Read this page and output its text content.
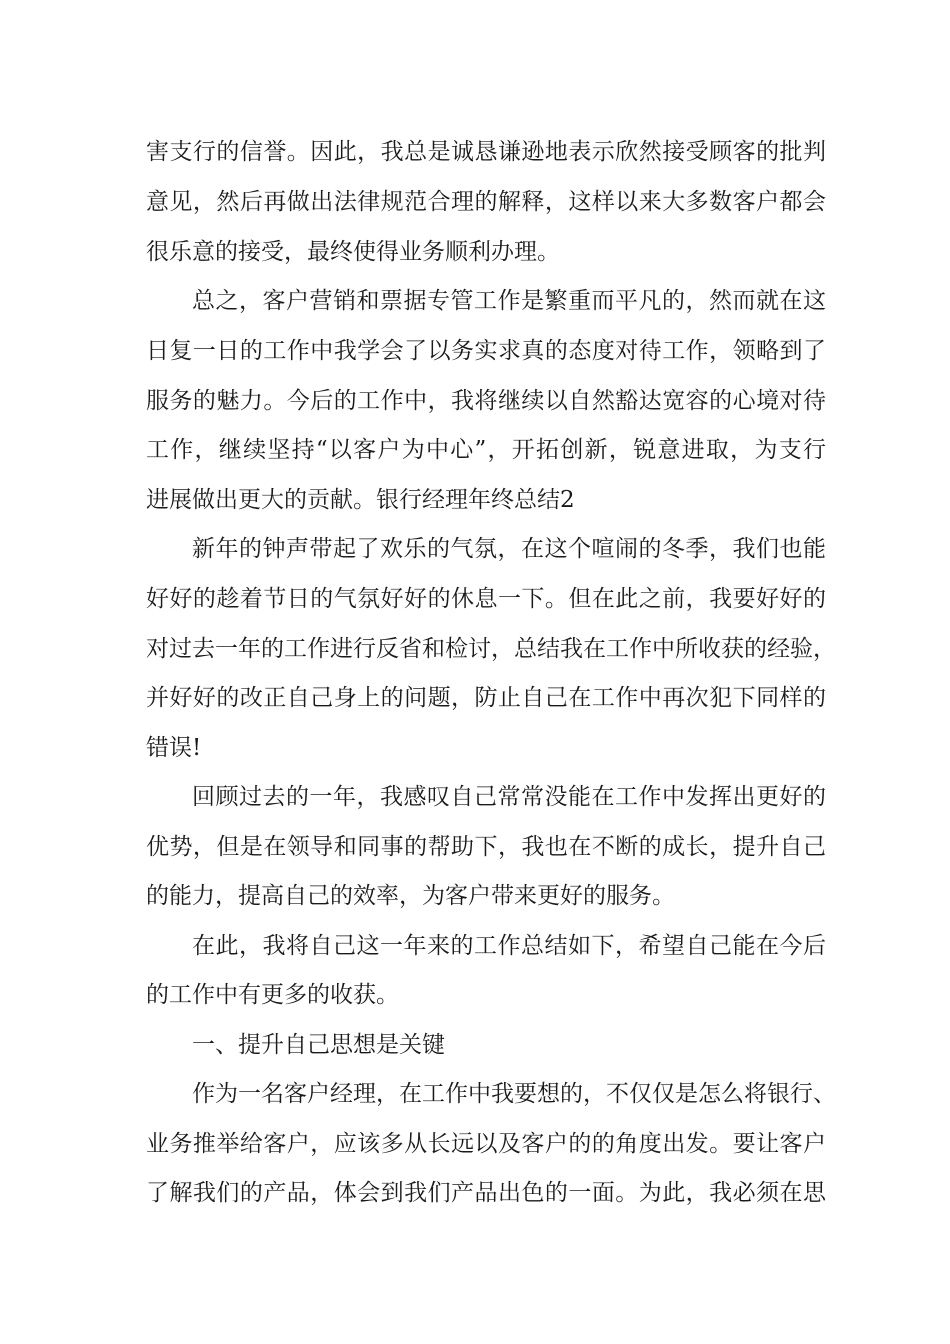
害支行的信誉。因此，我总是诚恳谦逊地表示欣然接受顾客的批判
意见，然后再做出法律规范合理的解释，这样以来大多数客户都会
很乐意的接受，最终使得业务顺利办理。
总之，客户营销和票据专管工作是繁重而平凡的，然而就在这
日复一日的工作中我学会了以务实求真的态度对待工作，领略到了
服务的魅力。今后的工作中，我将继续以自然豁达宽容的心境对待
工作，继续坚持“以客户为中心”，开拓创新，锐意进取，为支行
进展做出更大的贡献。银行经理年终总结2
新年的钟声带起了欢乐的气氛，在这个喧闹的冬季，我们也能
好好的趁着节日的气氛好好的休息一下。但在此之前，我要好好的
对过去一年的工作进行反省和检讨，总结我在工作中所收获的经验，
并好好的改正自己身上的问题，防止自己在工作中再次犯下同样的
错误!
回顾过去的一年，我感叹自己常常没能在工作中发挥出更好的
优势，但是在领导和同事的帮助下，我也在不断的成长，提升自己
的能力，提高自己的效率，为客户带来更好的服务。
在此，我将自己这一年来的工作总结如下，希望自己能在今后
的工作中有更多的收获。
一、提升自己思想是关键
作为一名客户经理，在工作中我要想的，不仅仅是怎么将银行、
业务推举给客户，应该多从长远以及客户的的角度出发。要让客户
了解我们的产品，体会到我们产品出色的一面。为此，我必须在思
